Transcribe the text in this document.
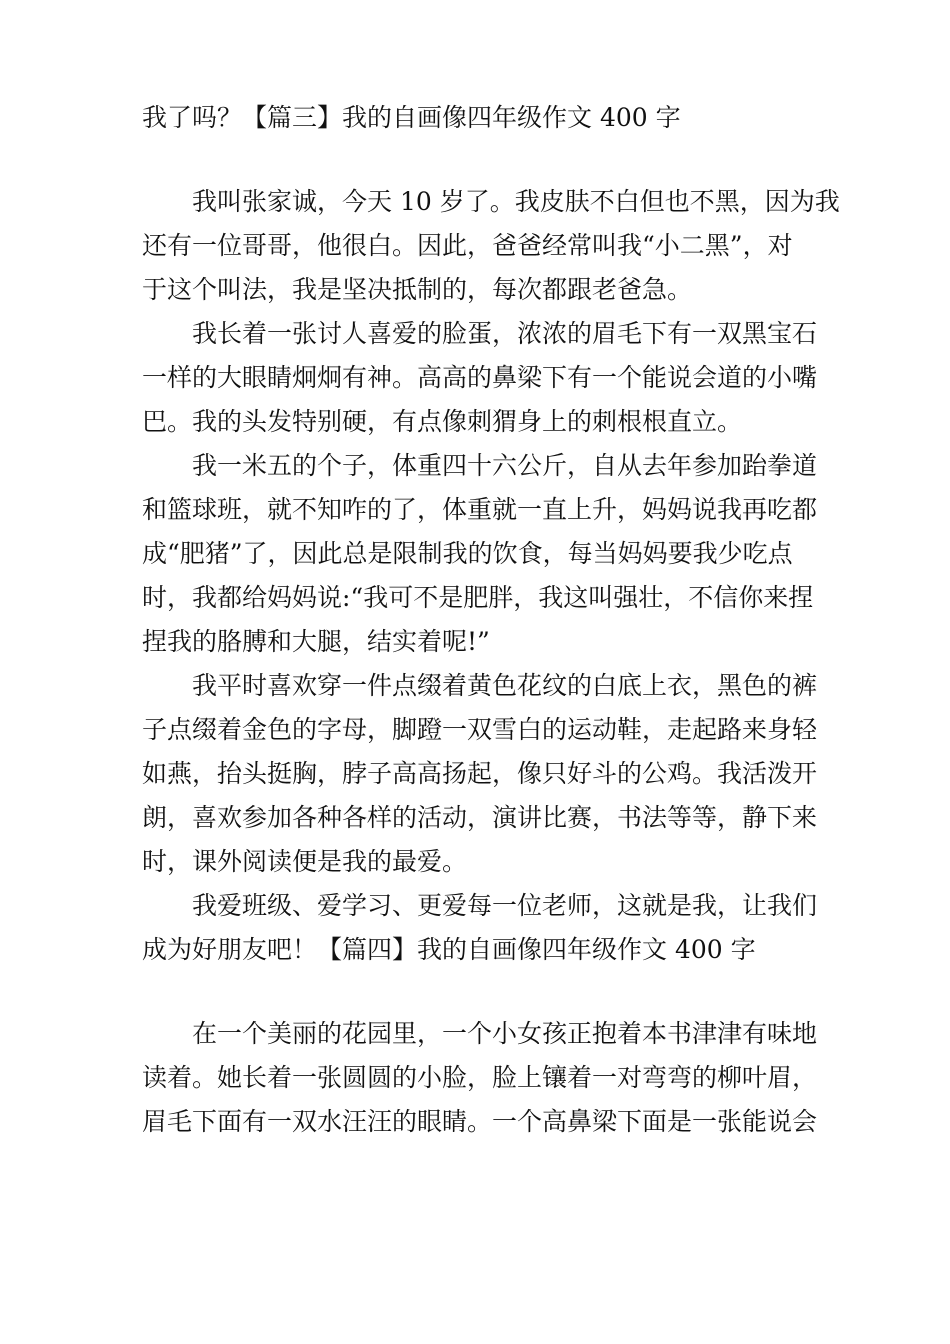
我了吗？【篇三】我的自画像四年级作文 400 字
我叫张家诚，今天 10 岁了。我皮肤不白但也不黑，因为我
还有一位哥哥，他很白。因此，爸爸经常叫我“小二黑”，对
于这个叫法，我是坚决抵制的，每次都跟老爸急。
我长着一张讨人喜爱的脸蛋，浓浓的眉毛下有一双黑宝石
一样的大眼睛炯炯有神。高高的鼻梁下有一个能说会道的小嘴
巴。我的头发特别硬，有点像刺猬身上的刺根根直立。
我一米五的个子，体重四十六公斤，自从去年参加跆拳道
和篮球班，就不知咋的了，体重就一直上升，妈妈说我再吃都
成“肥猪”了，因此总是限制我的饮食，每当妈妈要我少吃点
时，我都给妈妈说:“我可不是肥胖，我这叫强壮，不信你来捏
捏我的胳膊和大腿，结实着呢!”
我平时喜欢穿一件点缀着黄色花纹的白底上衣，黑色的裤
子点缀着金色的字母，脚蹬一双雪白的运动鞋，走起路来身轻
如燕，抬头挺胸，脖子高高扬起，像只好斗的公鸡。我活泼开
朗，喜欢参加各种各样的活动，演讲比赛，书法等等，静下来
时，课外阅读便是我的最爱。
我爱班级、爱学习、更爱每一位老师，这就是我，让我们
成为好朋友吧！【篇四】我的自画像四年级作文 400 字
在一个美丽的花园里，一个小女孩正抱着本书津津有味地
读着。她长着一张圆圆的小脸，脸上镶着一对弯弯的柳叶眉，
眉毛下面有一双水汪汪的眼睛。一个高鼻梁下面是一张能说会
